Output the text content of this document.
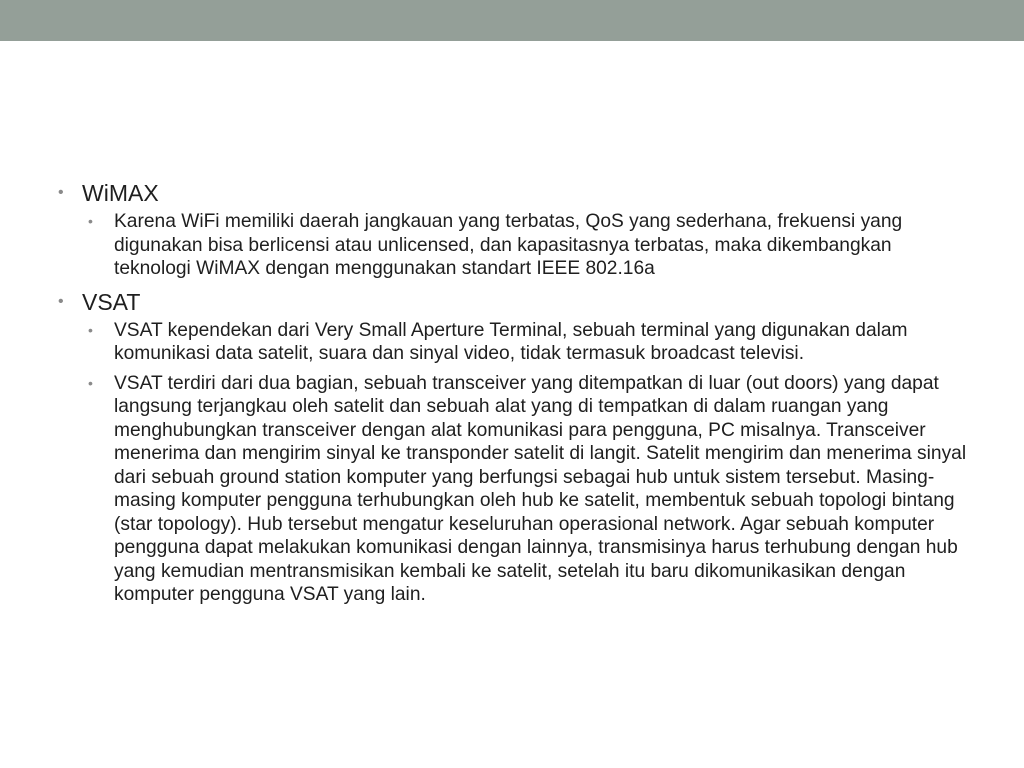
• WiMAX

• Karena WiFi memiliki daerah jangkauan yang terbatas, QoS yang sederhana, frekuensi yang digunakan bisa berlicensi atau unlicensed, dan kapasitasnya terbatas, maka dikembangkan teknologi WiMAX dengan menggunakan standart IEEE 802.16a

• VSAT

• VSAT kependekan dari Very Small Aperture Terminal, sebuah terminal yang digunakan dalam komunikasi data satelit, suara dan sinyal video, tidak termasuk broadcast televisi.

• VSAT terdiri dari dua bagian, sebuah transceiver yang ditempatkan di luar (out doors) yang dapat langsung terjangkau oleh satelit dan sebuah alat yang di tempatkan di dalam ruangan yang menghubungkan transceiver dengan alat komunikasi para pengguna, PC misalnya. Transceiver menerima dan mengirim sinyal ke transponder satelit di langit. Satelit mengirim dan menerima sinyal dari sebuah ground station komputer yang berfungsi sebagai hub untuk sistem tersebut. Masing-masing komputer pengguna terhubungkan oleh hub ke satelit, membentuk sebuah topologi bintang (star topology). Hub tersebut mengatur keseluruhan operasional network. Agar sebuah komputer pengguna dapat melakukan komunikasi dengan lainnya, transmisinya harus terhubung dengan hub yang kemudian mentransmisikan kembali ke satelit, setelah itu baru dikomunikasikan dengan komputer pengguna VSAT yang lain.
